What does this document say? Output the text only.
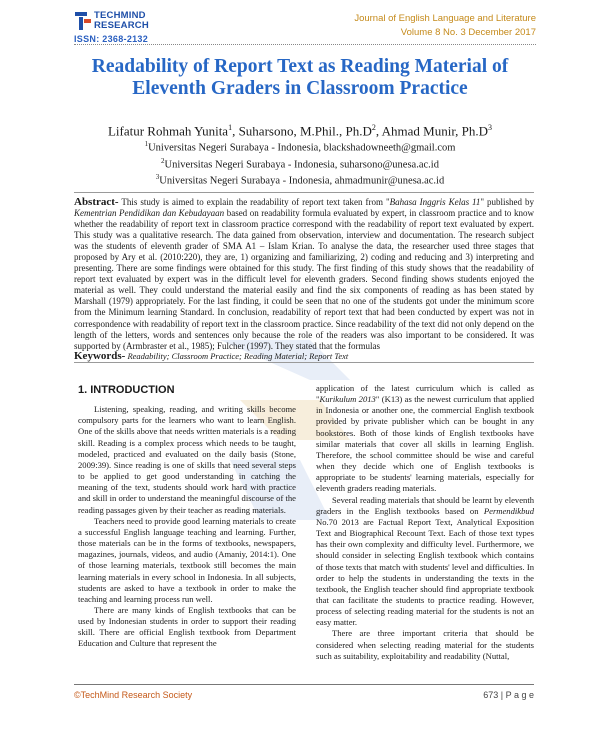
TECHMIND
RESEARCH
ISSN: 2368-2132
Journal of English Language and Literature
Volume 8 No. 3 December 2017
Readability of Report Text as Reading Material of Eleventh Graders in Classroom Practice
Lifatur Rohmah Yunita$^1$, Suharsono, M.Phil., $Ph.D^2$, Ahmad Munir, $Ph.D^3$
$^1$Universitas Negeri Surabaya - Indonesia, blackshadowneeth@gmail.com
$^2$Universitas Negeri Surabaya - Indonesia, suharsono@unesa.ac.id
$^3$Universitas Negeri Surabaya - Indonesia, ahmadmunir@unesa.ac.id
Abstract- This study is aimed to explain the readability of report text taken from "Bahasa Inggris Kelas 11" published by Kementrian Pendidikan dan Kebudayaan based on readability formula evaluated by expert, in classroom practice and to know whether the readability of report text in classroom practice correspond with the readability of report text evaluated by expert. This study was a qualitative research. The data gained from observation, interview and documentation. The research subject was the students of eleventh grader of SMA A1 – Islam Krian. To analyse the data, the researcher used three stages that proposed by Ary et al. (2010:220), they are, 1) organizing and familiarizing, 2) coding and reducing and 3) interpreting and presenting. There are some findings were obtained for this study. The first finding of this study shows that the readability of report text evaluated by expert was in the difficult level for eleventh graders. Second finding shows students enjoyed the material as well. They could understand the material easily and find the six components of reading as has been stated by Marshall (1979) appropriately. For the last finding, it could be seen that no one of the students got under the minimum score from the Minimum learning Standard. In conclusion, readability of report text that had been conducted by expert was not in correspondence with readability of report text in the classroom practice. Since readability of the text did not only depend on the length of the letters, words and sentences only because the role of the readers was also important to be considered. It was supported by (Armbraster et al., 1985); Fulcher (1997). They stated that the formulas
Keywords- Readability; Classroom Practice; Reading Material; Report Text
1. INTRODUCTION

Listening, speaking, reading, and writing skills become compulsory parts for the learners who want to learn English. One of the skills above that needs written materials is a reading skill. Reading is a complex process which needs to be taught, modeled, practiced and evaluated on the daily basis (Stone, 2009:39). Since reading is one of skills that need several steps to be applied to get good understanding in catching the meaning of the text, students should work hard with practice and skill in order to understand the meaningful discourse of the reading passages given by their teacher as reading materials.

Teachers need to provide good learning materials to create a successful English language teaching and learning. Further, those materials can be in the forms of textbooks, newspapers, magazines, journals, videos, and audio (Amaniy, 2014:1). One of those learning materials, textbook still becomes the main learning materials in every school in Indonesia. In all subjects, students are asked to have a textbook in order to make the teaching and learning process run well.

There are many kinds of English textbooks that can be used by Indonesian students in order to support their reading skill. There are official English textbook from Department Education and Culture that represent the

application of the latest curriculum which is called as "Kurikulum 2013" (K13) as the newest curriculum that applied in Indonesia or another one, the commercial English textbook provided by private publisher which can be bought in any bookstores. Both of those kinds of English textbooks have similar materials that cover all skills in learning English. Therefore, the school committee should be wise and careful when they decide which one of English textbooks is appropriate to be students' learning materials, especially for eleventh graders reading materials.

Several reading materials that should be learnt by eleventh graders in the English textbooks based on Permendikbud No.70 2013 are Factual Report Text, Analytical Exposition Text and Biographical Recount Text. Each of those text types has their own complexity and difficulty level. Furthermore, we should consider in selecting English textbook which contains of those texts that match with students' level and difficulties. In order to help the students in understanding the texts in the textbook, the English teacher should find appropriate textbook that can facilitate the students to practice reading. However, process of selecting reading material for the students is not an easy matter.

There are three important criteria that should be considered when selecting reading material for the students such as suitability, exploitability and readability (Nuttal,

©TechMind Research Society	673 | P a g e
